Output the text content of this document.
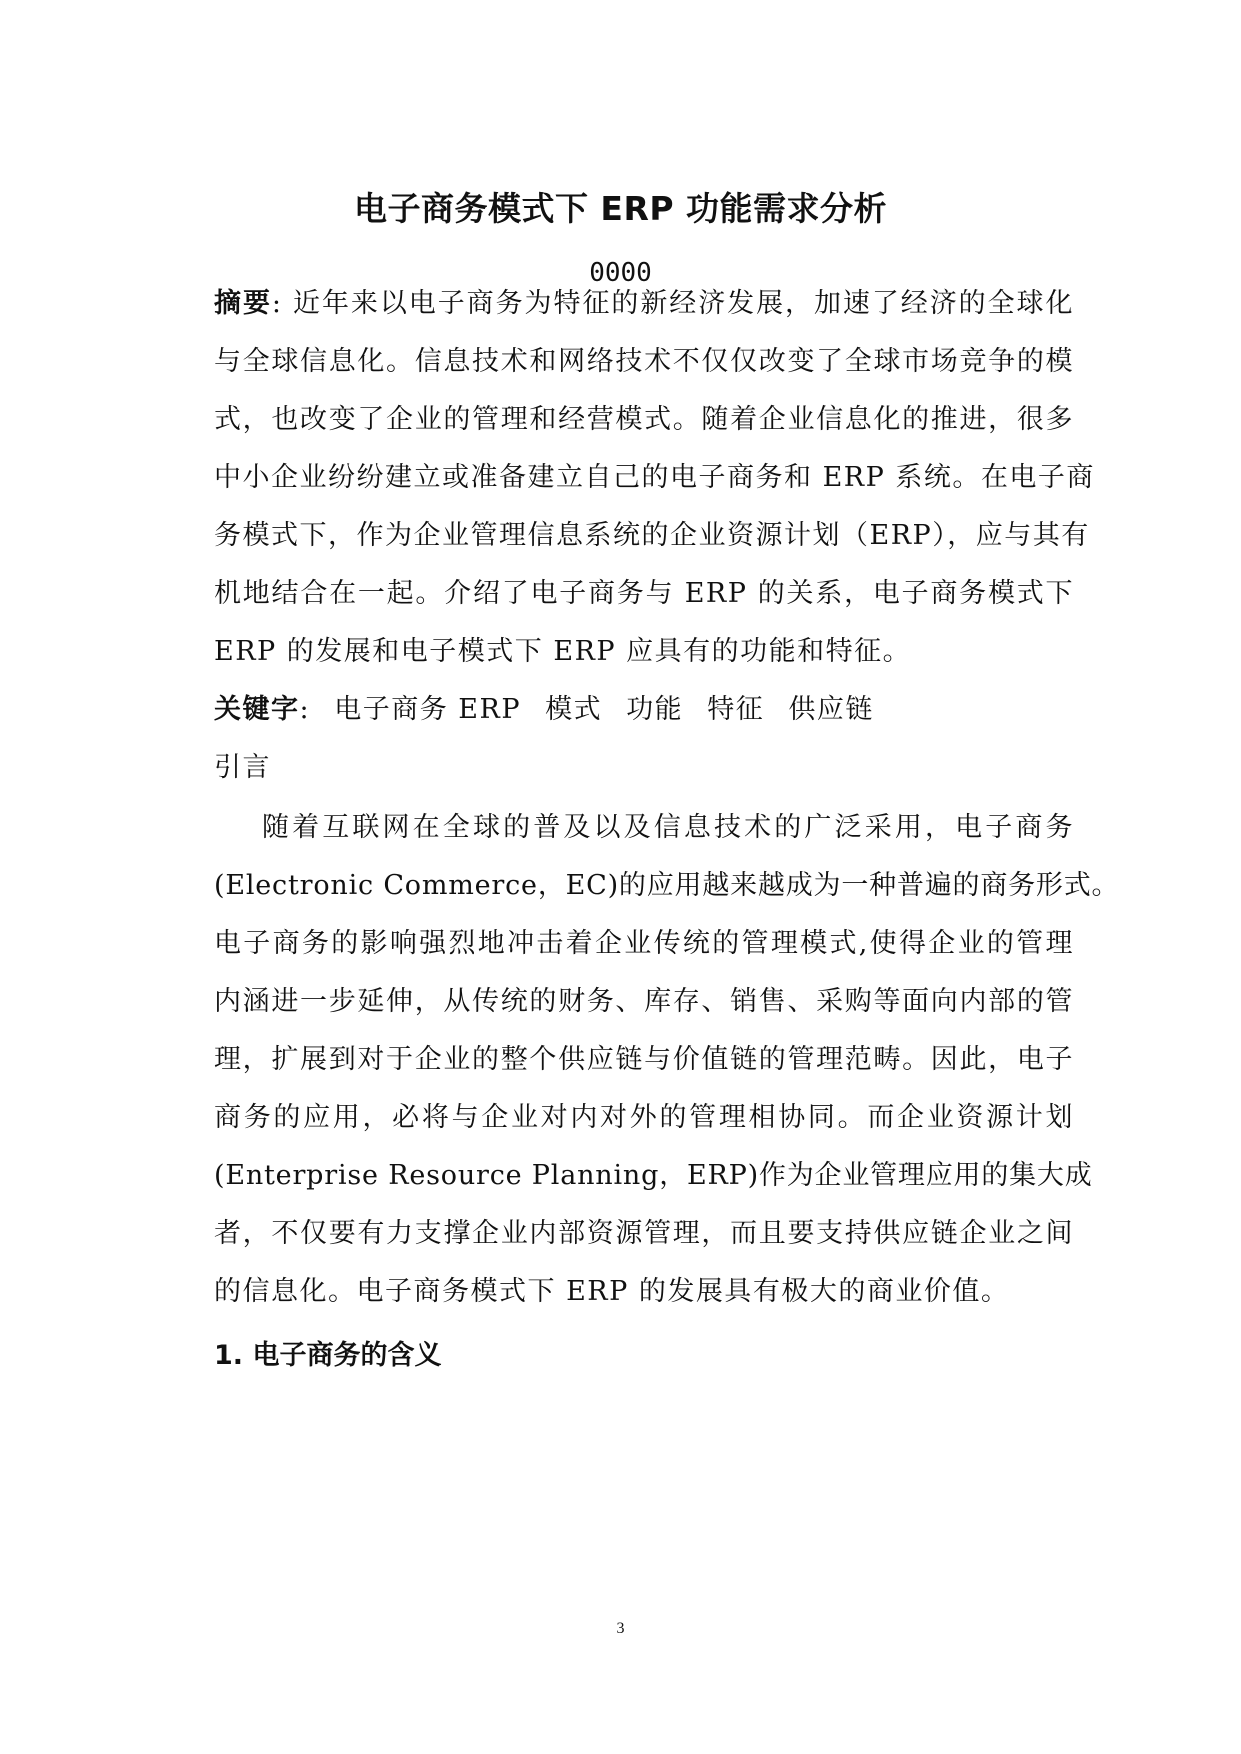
电子商务模式下 ERP 功能需求分析
0000
摘要: 近年来以电子商务为特征的新经济发展，加速了经济的全球化
与全球信息化。信息技术和网络技术不仅仅改变了全球市场竞争的模
式，也改变了企业的管理和经营模式。随着企业信息化的推进，很多
中小企业纷纷建立或准备建立自己的电子商务和 ERP 系统。在电子商
务模式下，作为企业管理信息系统的企业资源计划（ERP），应与其有
机地结合在一起。介绍了电子商务与 ERP 的关系，电子商务模式下
ERP 的发展和电子模式下 ERP 应具有的功能和特征。
关键字: 电子商务 ERP 模式 功能 特征 供应链
引言
随着互联网在全球的普及以及信息技术的广泛采用，电子商务
(Electronic Commerce，EC)的应用越来越成为一种普遍的商务形式。
电子商务的影响强烈地冲击着企业传统的管理模式,使得企业的管理
内涵进一步延伸，从传统的财务、库存、销售、采购等面向内部的管
理，扩展到对于企业的整个供应链与价值链的管理范畴。因此，电子
商务的应用，必将与企业对内对外的管理相协同。而企业资源计划
(Enterprise Resource Planning，ERP)作为企业管理应用的集大成
者，不仅要有力支撑企业内部资源管理，而且要支持供应链企业之间
的信息化。电子商务模式下 ERP 的发展具有极大的商业价值。
1. 电子商务的含义
3
